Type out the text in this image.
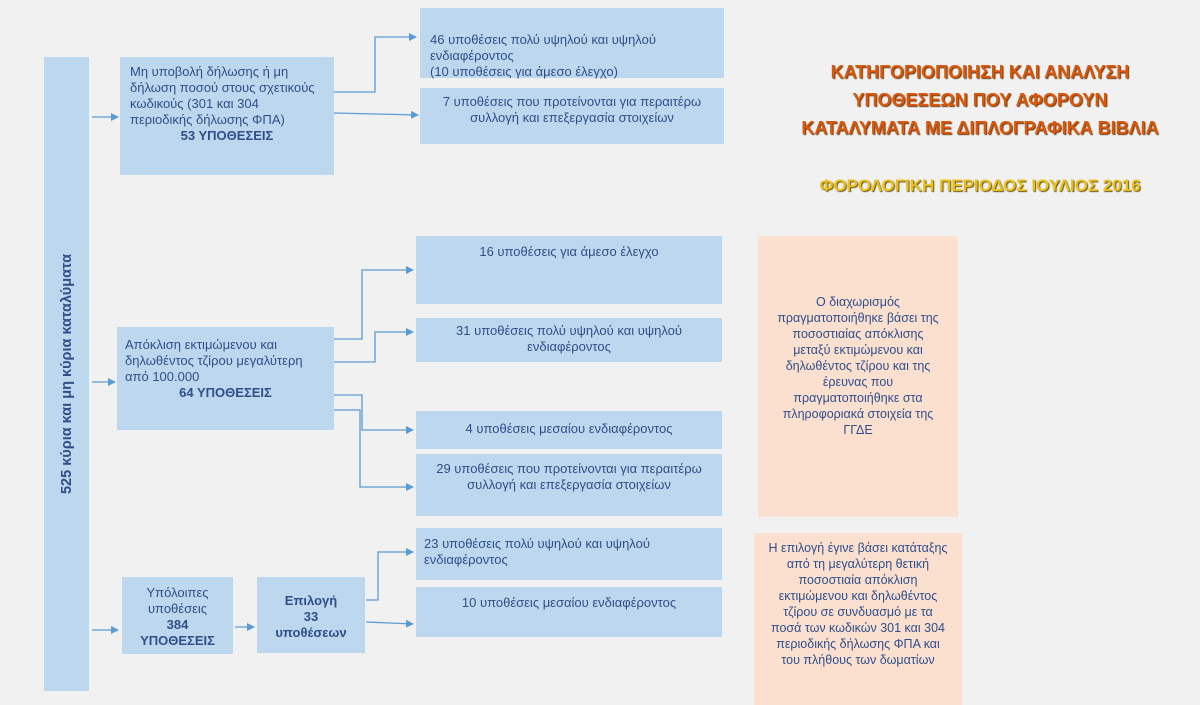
525 κύρια και μη κύρια καταλύματα
ΚΑΤΗΓΟΡΙΟΠΟΙΗΣΗ ΚΑΙ ΑΝΑΛΥΣΗ
ΥΠΟΘΕΣΕΩΝ ΠΟΥ ΑΦΟΡΟΥΝ
ΚΑΤΑΛΥΜΑΤΑ ΜΕ ΔΙΠΛΟΓΡΑΦΙΚΑ ΒΙΒΛΙΑ
ΦΟΡΟΛΟΓΙΚΗ ΠΕΡΙΟΔΟΣ ΙΟΥΛΙΟΣ 2016
Μη υποβολή δήλωσης ή μη δήλωση ποσού στους σχετικούς κωδικούς (301 και 304 περιοδικής δήλωσης ΦΠΑ)
53 ΥΠΟΘΕΣΕΙΣ
46 υποθέσεις πολύ υψηλού και υψηλού ενδιαφέροντος
(10 υποθέσεις για άμεσο έλεγχο)
7 υποθέσεις που προτείνονται για περαιτέρω συλλογή και επεξεργασία στοιχείων
Απόκλιση εκτιμώμενου και δηλωθέντος τζίρου μεγαλύτερη από 100.000
64 ΥΠΟΘΕΣΕΙΣ
16 υποθέσεις για άμεσο έλεγχο
31 υποθέσεις πολύ υψηλού και υψηλού ενδιαφέροντος
4 υποθέσεις μεσαίου ενδιαφέροντος
29 υποθέσεις που προτείνονται για περαιτέρω συλλογή και επεξεργασία στοιχείων
Υπόλοιπες υποθέσεις
384
ΥΠΟΘΕΣΕΙΣ
Επιλογή
33
υποθέσεων
23 υποθέσεις πολύ υψηλού και υψηλού ενδιαφέροντος
10 υποθέσεις μεσαίου ενδιαφέροντος
Ο διαχωρισμός πραγματοποιήθηκε βάσει της ποσοστιαίας απόκλισης μεταξύ εκτιμώμενου και δηλωθέντος τζίρου και της έρευνας που πραγματοποιήθηκε στα πληροφοριακά στοιχεία της ΓΓΔΕ
Η επιλογή έγινε βάσει κατάταξης από τη μεγαλύτερη θετική ποσοστιαία απόκλιση εκτιμώμενου και δηλωθέντος τζίρου σε συνδυασμό με τα ποσά των κωδικών 301 και 304 περιοδικής δήλωσης ΦΠΑ και του πλήθους των δωματίων
